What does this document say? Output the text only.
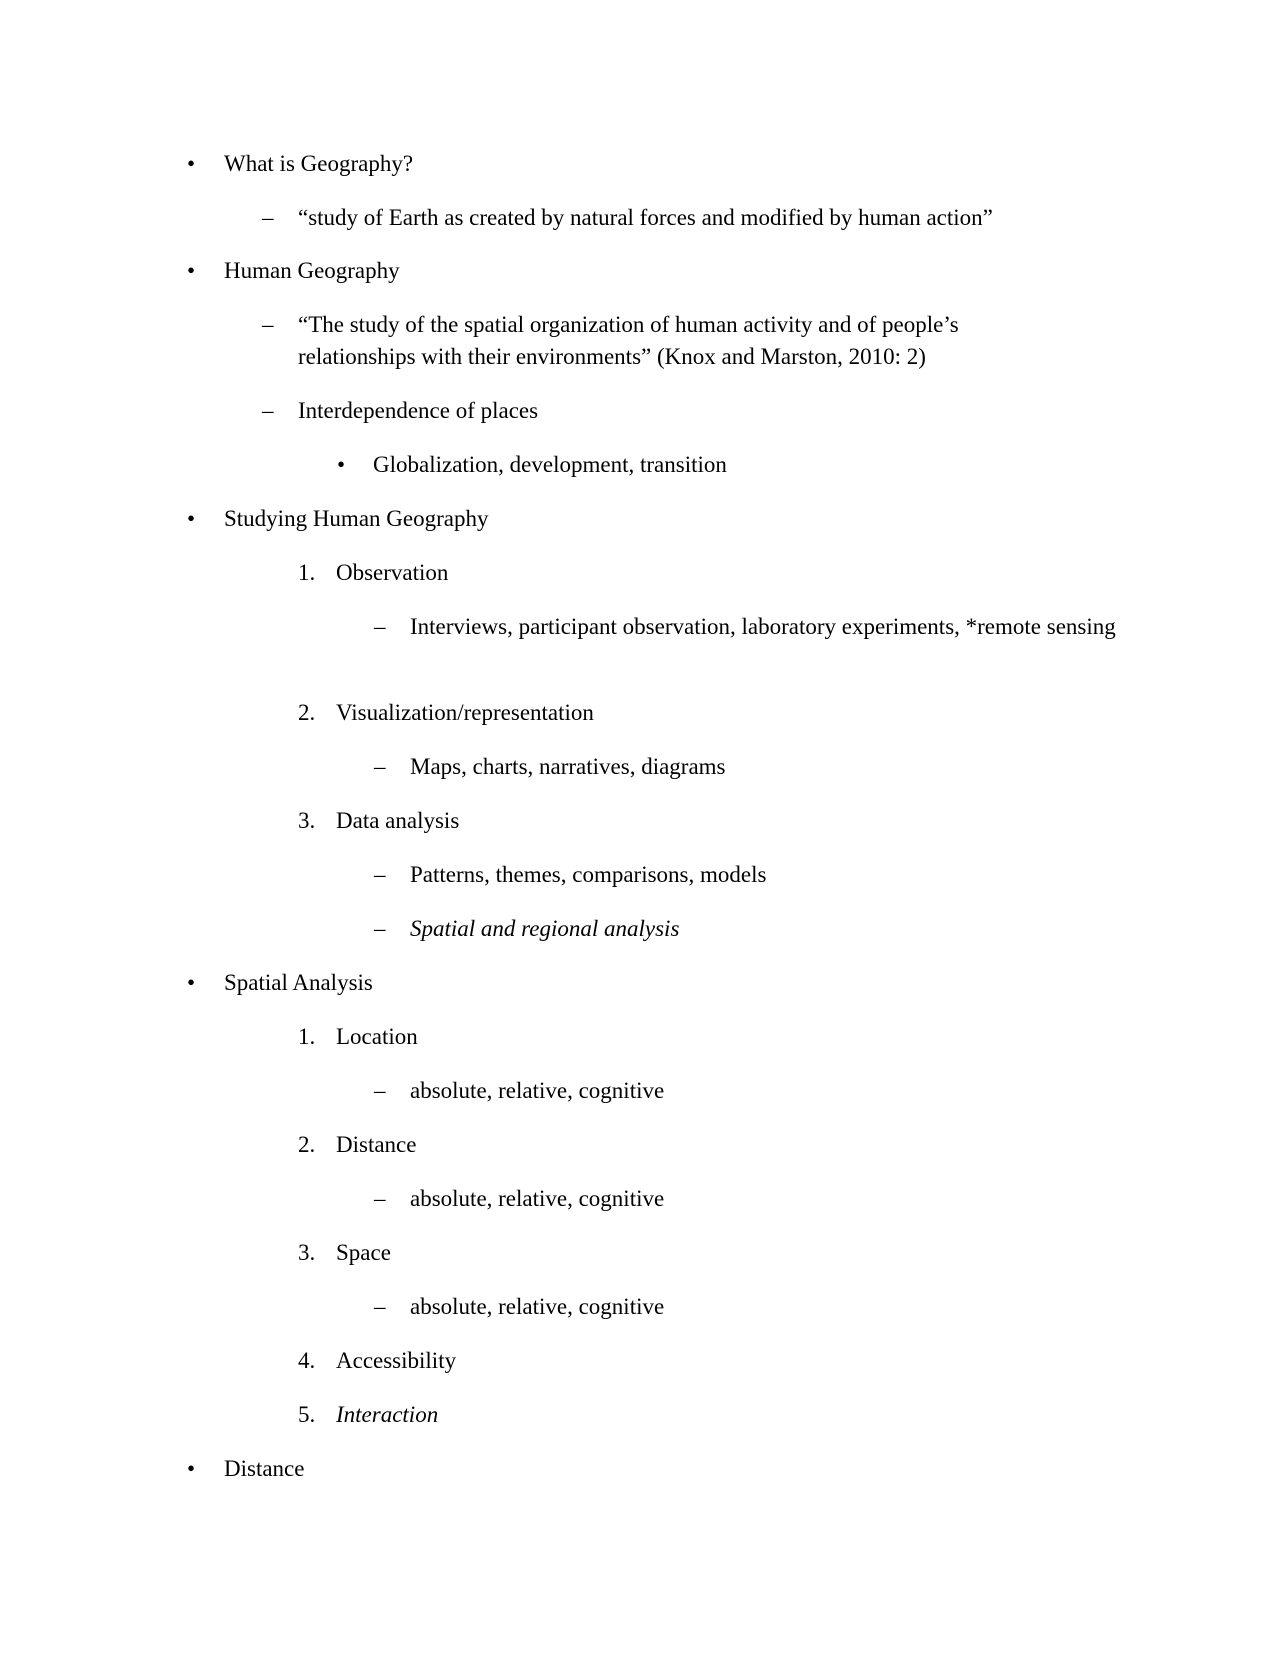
• What is Geography?
– “study of Earth as created by natural forces and modified by human action”
• Human Geography
– “The study of the spatial organization of human activity and of people’s relationships with their environments” (Knox and Marston, 2010: 2)
– Interdependence of places
• Globalization, development, transition
• Studying Human Geography
1. Observation
– Interviews, participant observation, laboratory experiments, *remote sensing
2. Visualization/representation
– Maps, charts, narratives, diagrams
3. Data analysis
– Patterns, themes, comparisons, models
– Spatial and regional analysis
• Spatial Analysis
1. Location
– absolute, relative, cognitive
2. Distance
– absolute, relative, cognitive
3. Space
– absolute, relative, cognitive
4. Accessibility
5. Interaction
• Distance
